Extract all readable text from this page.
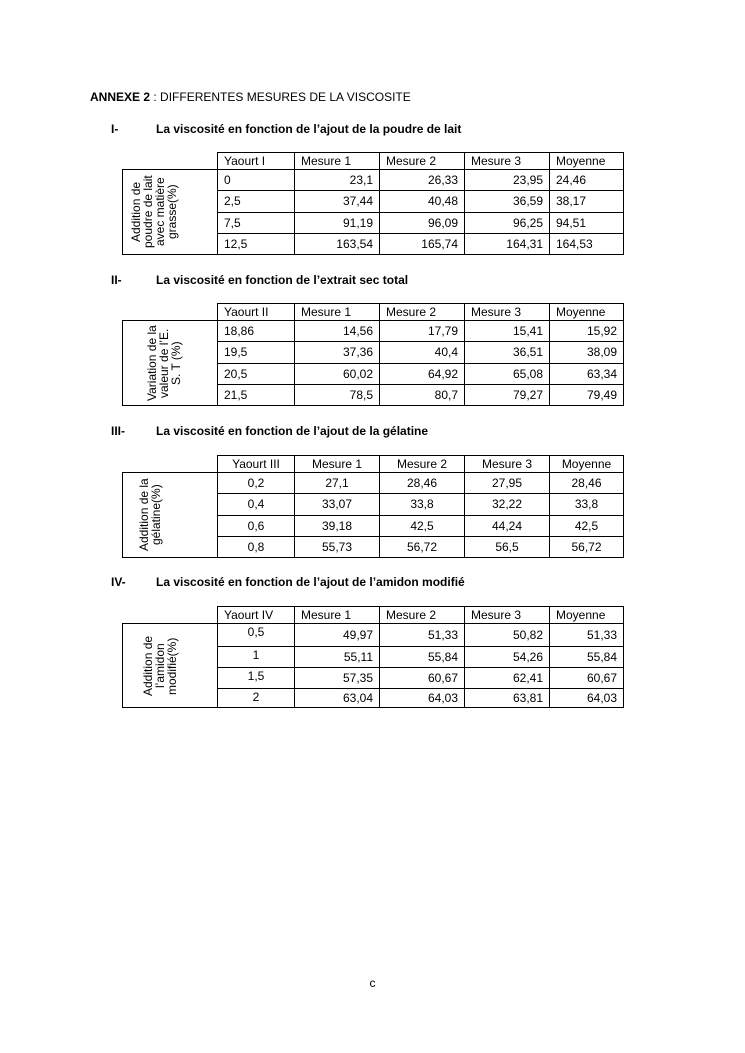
ANNEXE 2 : DIFFERENTES MESURES DE LA VISCOSITE
I-	La viscosité en fonction de l’ajout de la poudre de lait
	Yaourt I	Mesure 1	Mesure 2	Mesure 3	Moyenne

Addition de poudre de lait avec matière grasse(%)	0	23,1	26,33	23,95	24,46
	2,5	37,44	40,48	36,59	38,17
	7,5	91,19	96,09	96,25	94,51
	12,5	163,54	165,74	164,31	164,53
II-	La viscosité en fonction de l’extrait sec total
	Yaourt II	Mesure 1	Mesure 2	Mesure 3	Moyenne

Variation de la valeur de l’E. S. T (%)	18,86	14,56	17,79	15,41	15,92
	19,5	37,36	40,4	36,51	38,09
	20,5	60,02	64,92	65,08	63,34
	21,5	78,5	80,7	79,27	79,49
III-	La viscosité en fonction de l’ajout de la gélatine
	Yaourt III	Mesure 1	Mesure 2	Mesure 3	Moyenne

Addition de la gélatine(%)	0,2	27,1	28,46	27,95	28,46
	0,4	33,07	33,8	32,22	33,8
	0,6	39,18	42,5	44,24	42,5
	0,8	55,73	56,72	56,5	56,72
IV-	La viscosité en fonction de l’ajout de l’amidon modifié
	Yaourt IV	Mesure 1	Mesure 2	Mesure 3	Moyenne

Addition de l’amidon modifié(%)	0,5	49,97	51,33	50,82	51,33
	1	55,11	55,84	54,26	55,84
	1,5	57,35	60,67	62,41	60,67
	2	63,04	64,03	63,81	64,03
c
